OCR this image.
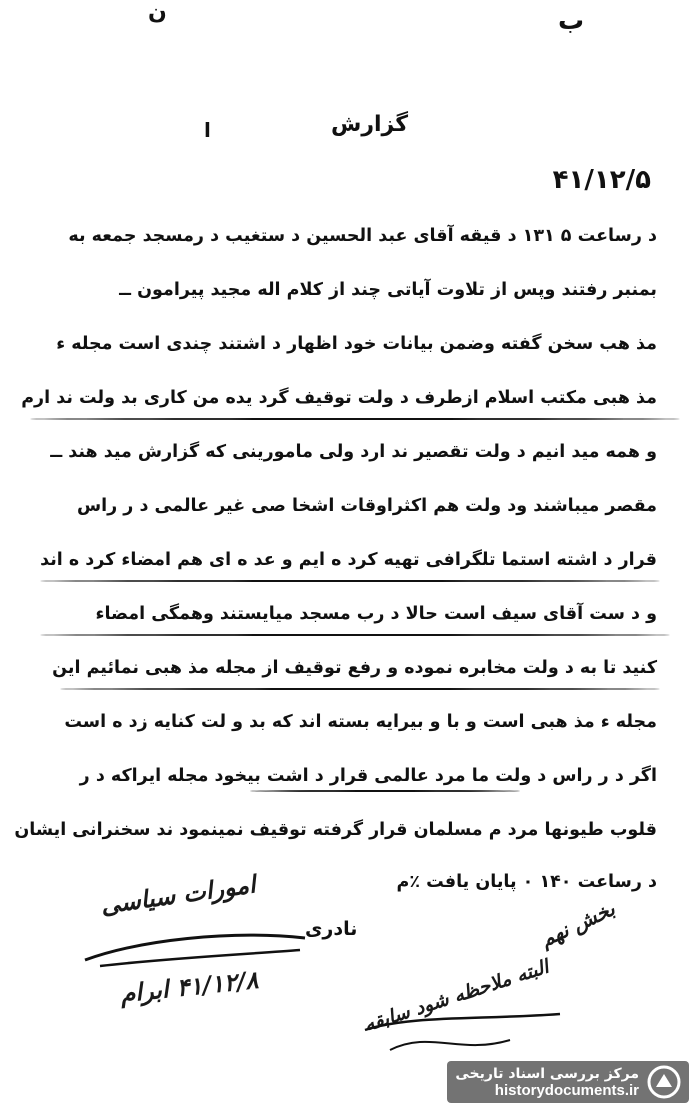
ن	ب
ا	گزارش
۴۱/۱۲/۵
د رساعت ۵ ۱۳۱ د قیقه آقای عبد الحسین د ستغیب د رمسجد جمعه به
بمنبر رفتند وپس از تلاوت آیاتی چند از کلام اله مجید پیرامون ــ
مذ هب سخن گفته وضمن بیانات خود اظهار د اشتند چندی است مجله ء
مذ هبی مکتب اسلام ازطرف د ولت توقیف گرد یده من کاری بد ولت ند ارم
و همه مید انیم د ولت تقصیر ند ارد ولی مامورینی که گزارش مید هند ــ
مقصر میباشند ود ولت هم اکثراوقات اشخا صی غیر عالمی د ر راس
قرار د اشته استما تلگرافی تهیه کرد ه ایم و عد ه ای هم امضاء کرد ه اند
و د ست آقای سیف است حالا د رب مسجد میایستند وهمگی امضاء
کنید تا به د ولت مخابره نموده و رفع توقیف از مجله مذ هبی نمائیم این
مجله ء مذ هبی است و با و بیرایه بسته اند که بد و لت کنایه زد ه است
اگر د ر راس د ولت ما مرد عالمی قرار د اشت بیخود مجله ایراکه د ر
قلوب طیونها مرد م مسلمان قرار گرفته توقیف نمینمود ند سخنرانی ایشان
د رساعت ۱۴۰ ۰ پایان یافت ٪م
امورات سیاسی
نادری
۴۱/۱۲/۸ ابرام
بخش نهم
البته ملاحظه شود سابقه
مرکز بررسی اسناد تاریخی
historydocuments.ir
